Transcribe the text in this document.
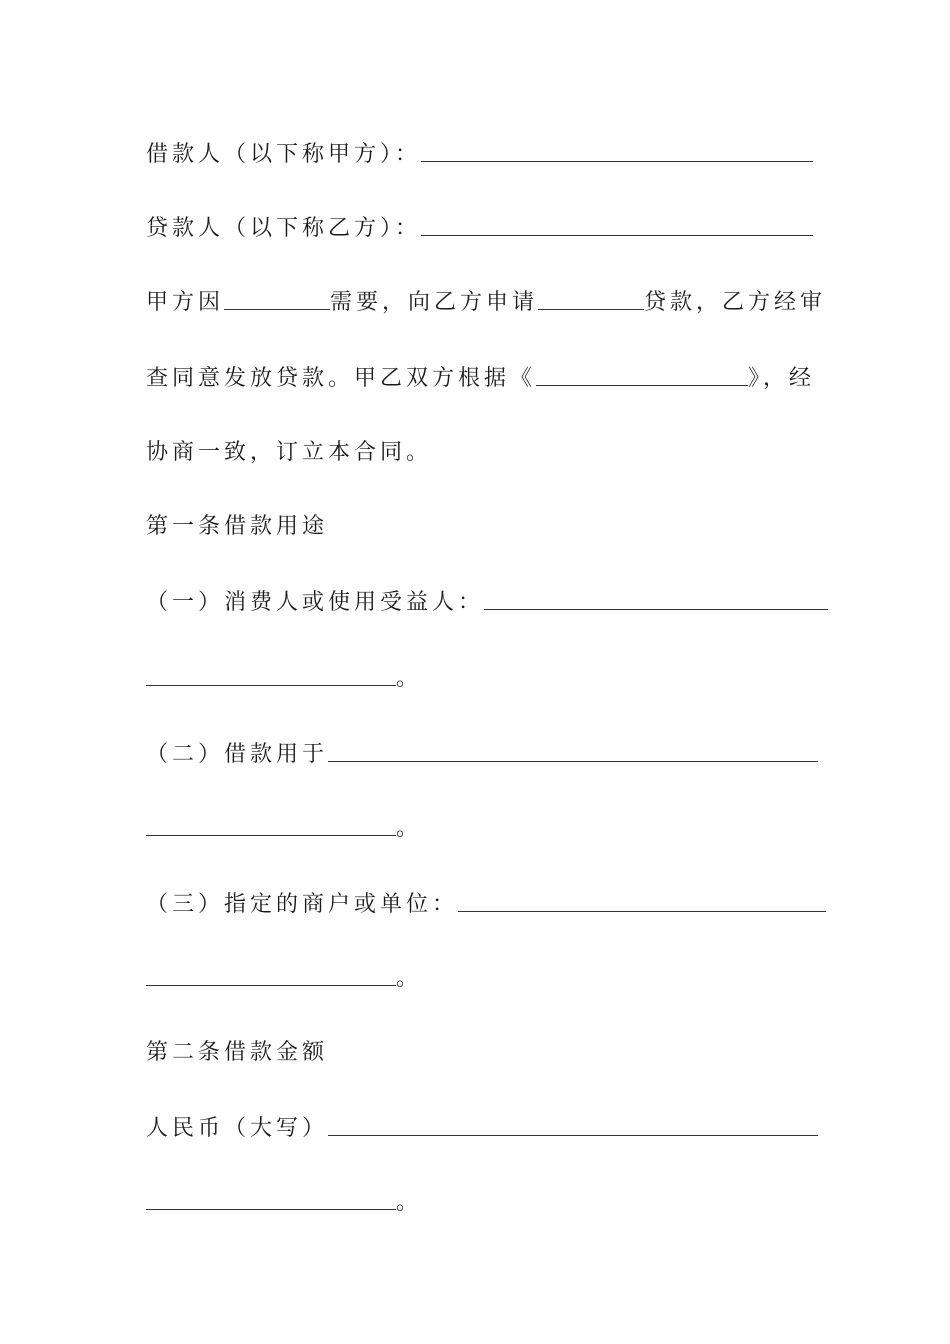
借款人（以下称甲方）：
贷款人（以下称乙方）：
甲方因	需要，向乙方申请	贷款，乙方经审
查同意发放贷款。甲乙双方根据《	》，经
协商一致，订立本合同。
第一条借款用途
（一）消费人或使用受益人：
。
（二）借款用于
。
（三）指定的商户或单位：
。
第二条借款金额
人民币（大写）
。
